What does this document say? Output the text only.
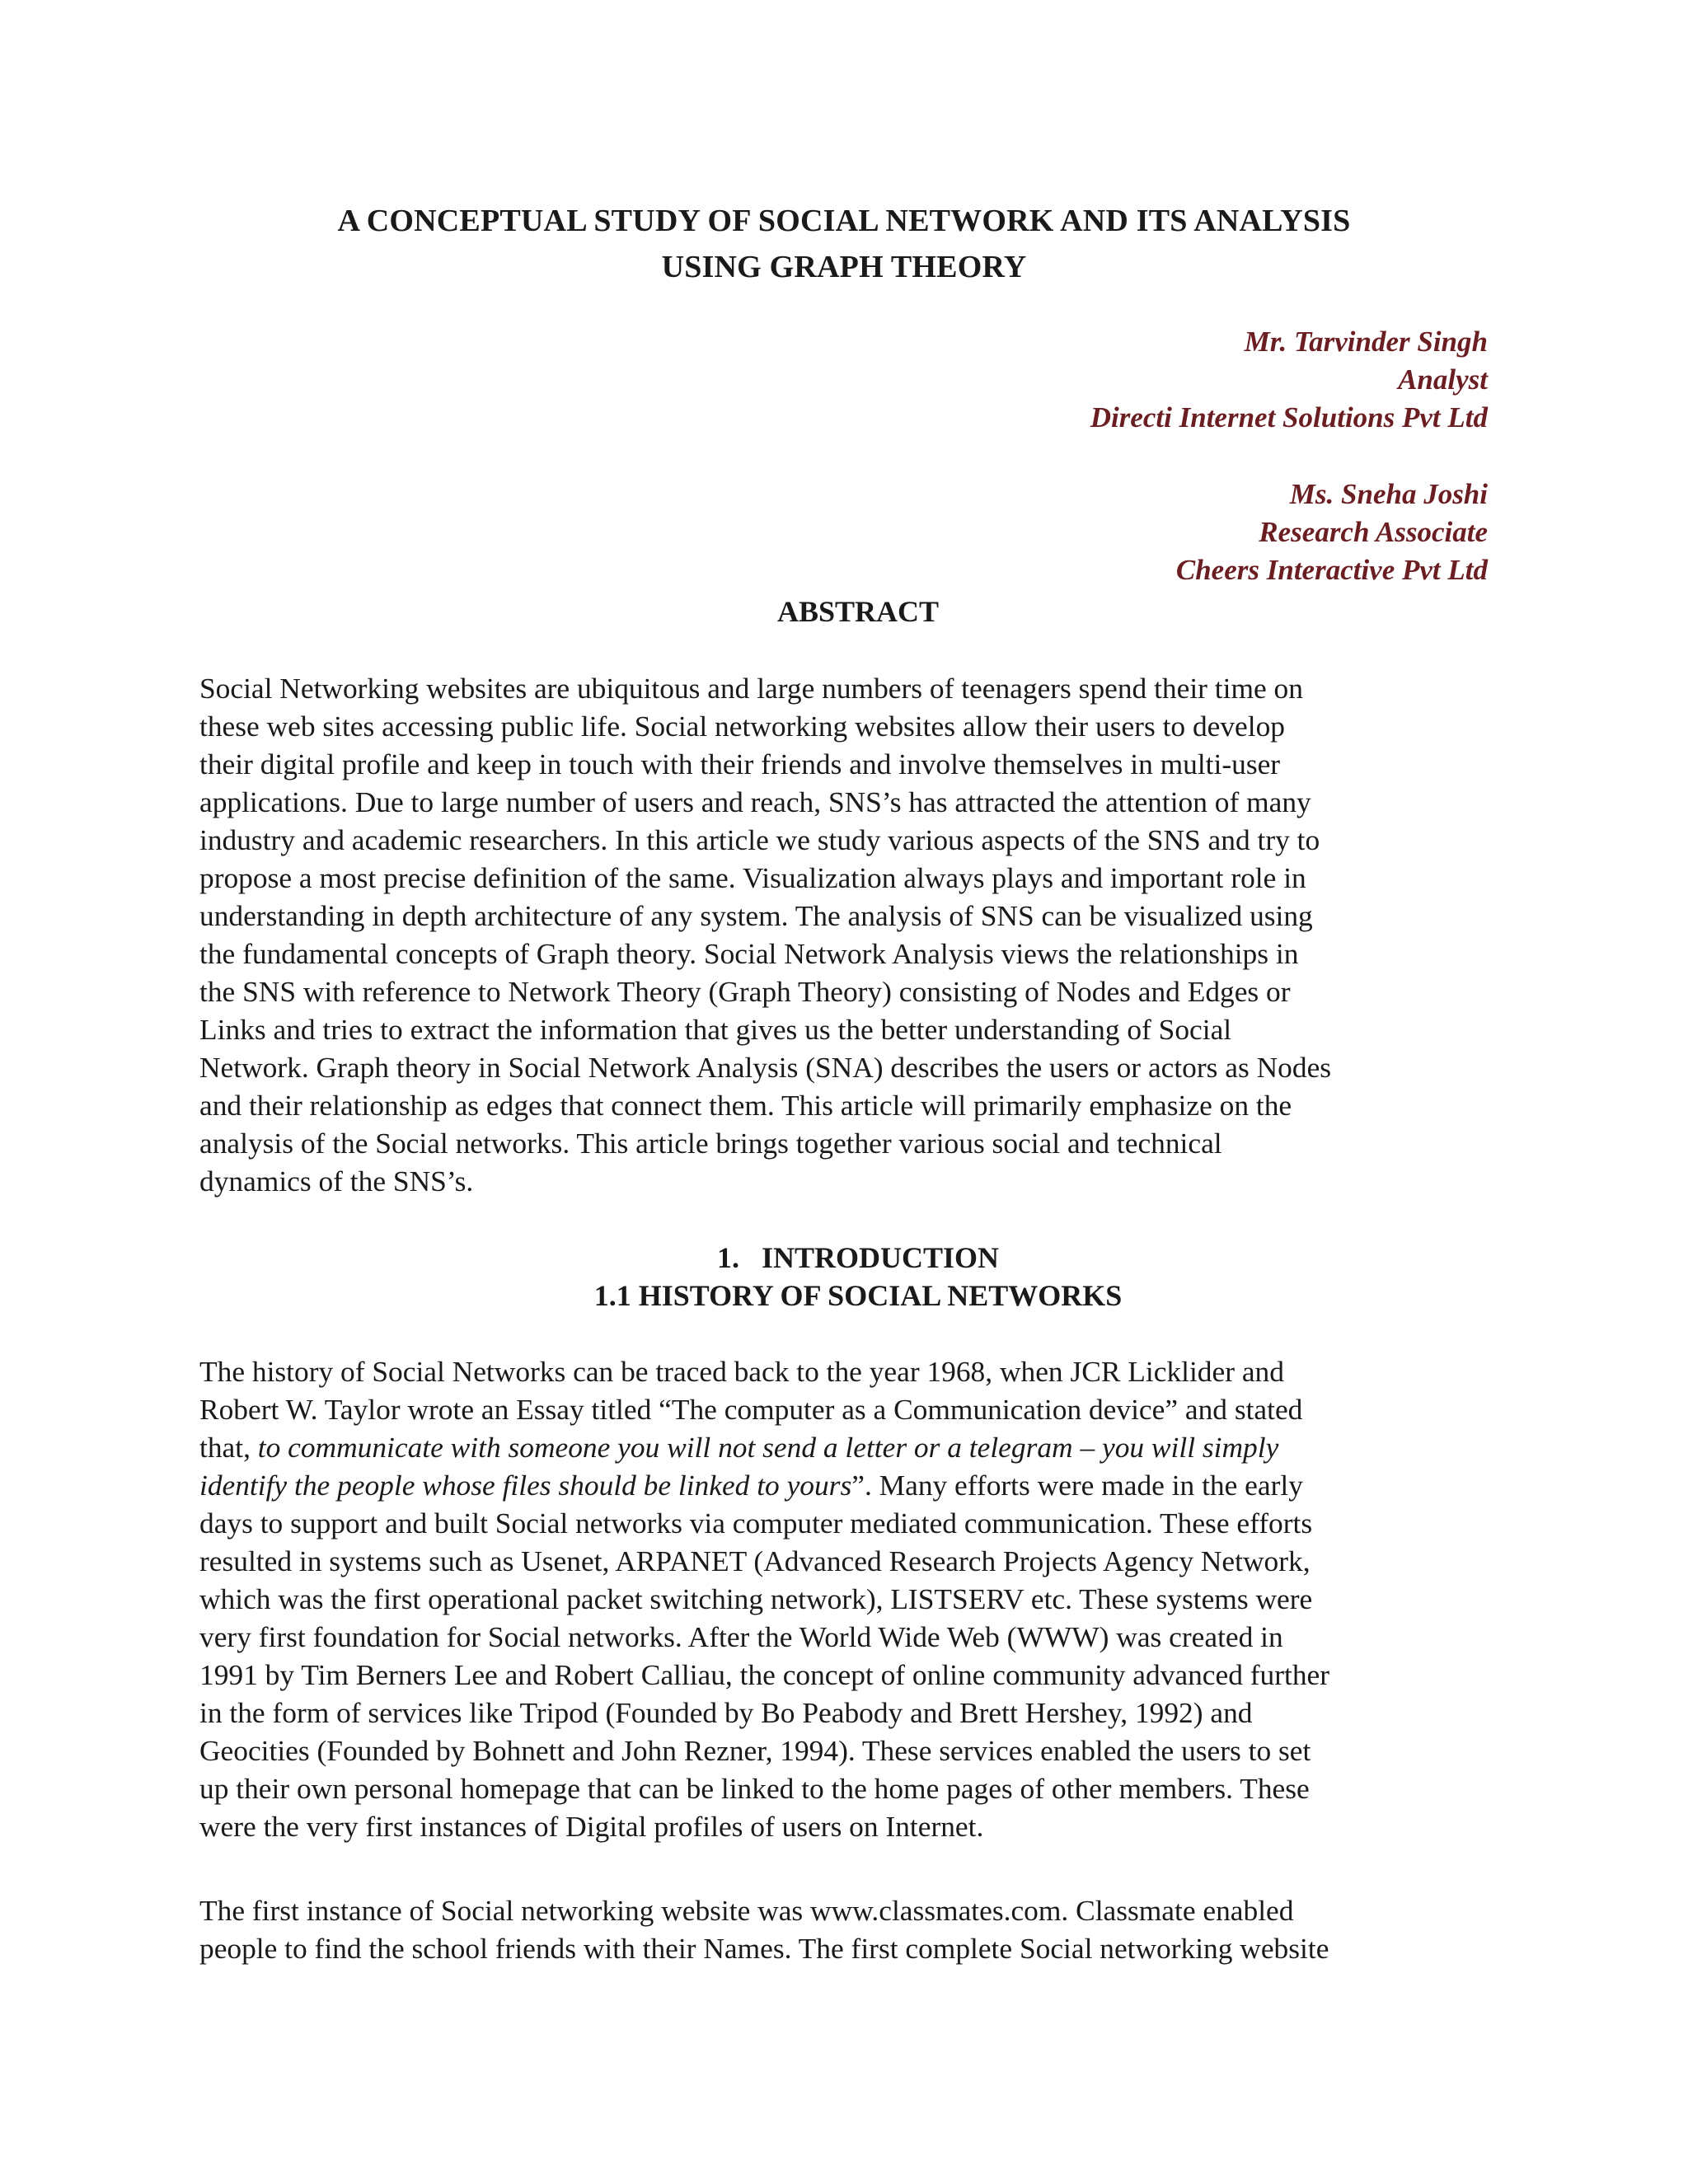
A CONCEPTUAL STUDY OF SOCIAL NETWORK AND ITS ANALYSIS
USING GRAPH THEORY
Mr. Tarvinder Singh
Analyst
Directi Internet Solutions Pvt Ltd
Ms. Sneha Joshi
Research Associate
Cheers Interactive Pvt Ltd
ABSTRACT
Social Networking websites are ubiquitous and large numbers of teenagers spend their time on
these web sites accessing public life. Social networking websites allow their users to develop
their digital profile and keep in touch with their friends and involve themselves in multi-user
applications. Due to large number of users and reach, SNS’s has attracted the attention of many
industry and academic researchers. In this article we study various aspects of the SNS and try to
propose a most precise definition of the same. Visualization always plays and important role in
understanding in depth architecture of any system. The analysis of SNS can be visualized using
the fundamental concepts of Graph theory. Social Network Analysis views the relationships in
the SNS with reference to Network Theory (Graph Theory) consisting of Nodes and Edges or
Links and tries to extract the information that gives us the better understanding of Social
Network. Graph theory in Social Network Analysis (SNA) describes the users or actors as Nodes
and their relationship as edges that connect them. This article will primarily emphasize on the
analysis of the Social networks. This article brings together various social and technical
dynamics of the SNS’s.
1.   INTRODUCTION
1.1 HISTORY OF SOCIAL NETWORKS
The history of Social Networks can be traced back to the year 1968, when JCR Licklider and
Robert W. Taylor wrote an Essay titled “The computer as a Communication device” and stated
that, to communicate with someone you will not send a letter or a telegram – you will simply
identify the people whose files should be linked to yours”. Many efforts were made in the early
days to support and built Social networks via computer mediated communication. These efforts
resulted in systems such as Usenet, ARPANET (Advanced Research Projects Agency Network,
which was the first operational packet switching network), LISTSERV etc. These systems were
very first foundation for Social networks. After the World Wide Web (WWW) was created in
1991 by Tim Berners Lee and Robert Calliau, the concept of online community advanced further
in the form of services like Tripod (Founded by Bo Peabody and Brett Hershey, 1992) and
Geocities (Founded by Bohnett and John Rezner, 1994). These services enabled the users to set
up their own personal homepage that can be linked to the home pages of other members. These
were the very first instances of Digital profiles of users on Internet.
The first instance of Social networking website was www.classmates.com. Classmate enabled
people to find the school friends with their Names. The first complete Social networking website
